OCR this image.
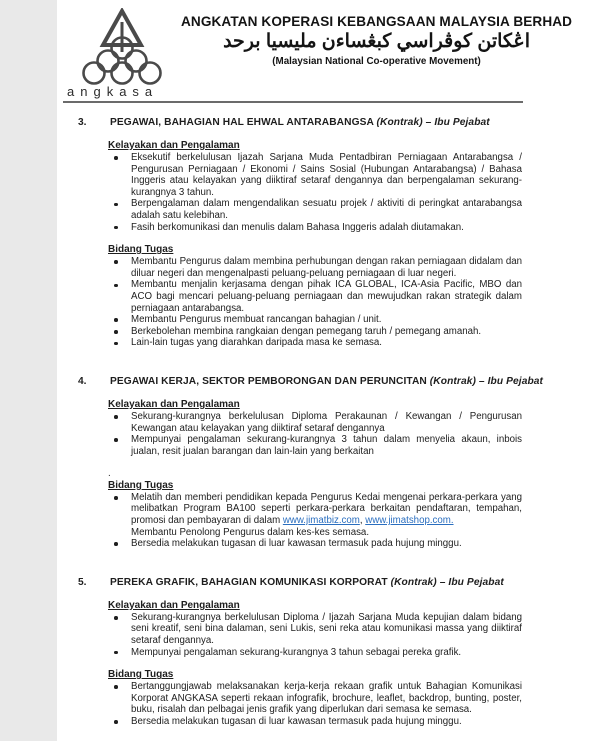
angkasa
ANGKATAN KOPERASI KEBANGSAAN MALAYSIA BERHAD
اڠكاتن كوڤراسي كبڠساءن مليسيا برحد
(Malaysian National Co-operative Movement)
3.	PEGAWAI, BAHAGIAN HAL EHWAL ANTARABANGSA (Kontrak) – Ibu Pejabat
Kelayakan dan Pengalaman
Eksekutif berkelulusan Ijazah Sarjana Muda Pentadbiran Perniagaan Antarabangsa / Pengurusan Perniagaan / Ekonomi / Sains Sosial (Hubungan Antarabangsa) / Bahasa Inggeris atau kelayakan yang diiktiraf setaraf dengannya dan berpengalaman sekurang-kurangnya 3 tahun.
Berpengalaman dalam mengendalikan sesuatu projek / aktiviti di peringkat antarabangsa adalah satu kelebihan.
Fasih berkomunikasi dan menulis dalam Bahasa Inggeris adalah diutamakan.
Bidang Tugas
Membantu Pengurus dalam membina perhubungan dengan rakan perniagaan didalam dan diluar negeri dan mengenalpasti peluang-peluang perniagaan di luar negeri.
Membantu menjalin kerjasama dengan pihak ICA GLOBAL, ICA-Asia Pacific, MBO dan ACO bagi mencari peluang-peluang perniagaan dan mewujudkan rakan strategik dalam perniagaan antarabangsa.
Membantu Pengurus membuat rancangan bahagian / unit.
Berkebolehan membina rangkaian dengan pemegang taruh / pemegang amanah.
Lain-lain tugas yang diarahkan daripada masa ke semasa.
4.	PEGAWAI KERJA, SEKTOR PEMBORONGAN DAN PERUNCITAN (Kontrak) – Ibu Pejabat
Kelayakan dan Pengalaman
Sekurang-kurangnya berkelulusan Diploma Perakaunan / Kewangan / Pengurusan Kewangan atau kelayakan yang diiktiraf setaraf dengannya
Mempunyai pengalaman sekurang-kurangnya 3 tahun dalam menyelia akaun, inbois jualan, resit jualan barangan dan lain-lain yang berkaitan
.
Bidang Tugas
Melatih dan memberi pendidikan kepada Pengurus Kedai mengenai perkara-perkara yang melibatkan Program BA100 seperti perkara-perkara berkaitan pendaftaran, tempahan, promosi dan pembayaran di dalam www.jimatbiz.com, www.jimatshop.com.
Membantu Penolong Pengurus dalam kes-kes semasa.
Bersedia melakukan tugasan di luar kawasan termasuk pada hujung minggu.
5.	PEREKA GRAFIK, BAHAGIAN KOMUNIKASI KORPORAT (Kontrak) – Ibu Pejabat
Kelayakan dan Pengalaman
Sekurang-kurangnya berkelulusan Diploma / Ijazah Sarjana Muda kepujian dalam bidang seni kreatif, seni bina dalaman, seni Lukis, seni reka atau komunikasi massa yang diiktiraf setaraf dengannya.
Mempunyai pengalaman sekurang-kurangnya 3 tahun sebagai pereka grafik.
Bidang Tugas
Bertanggungjawab melaksanakan kerja-kerja rekaan grafik untuk Bahagian Komunikasi Korporat ANGKASA seperti rekaan infografik, brochure, leaflet, backdrop, bunting, poster, buku, risalah dan pelbagai jenis grafik yang diperlukan dari semasa ke semasa.
Bersedia melakukan tugasan di luar kawasan termasuk pada hujung minggu.
